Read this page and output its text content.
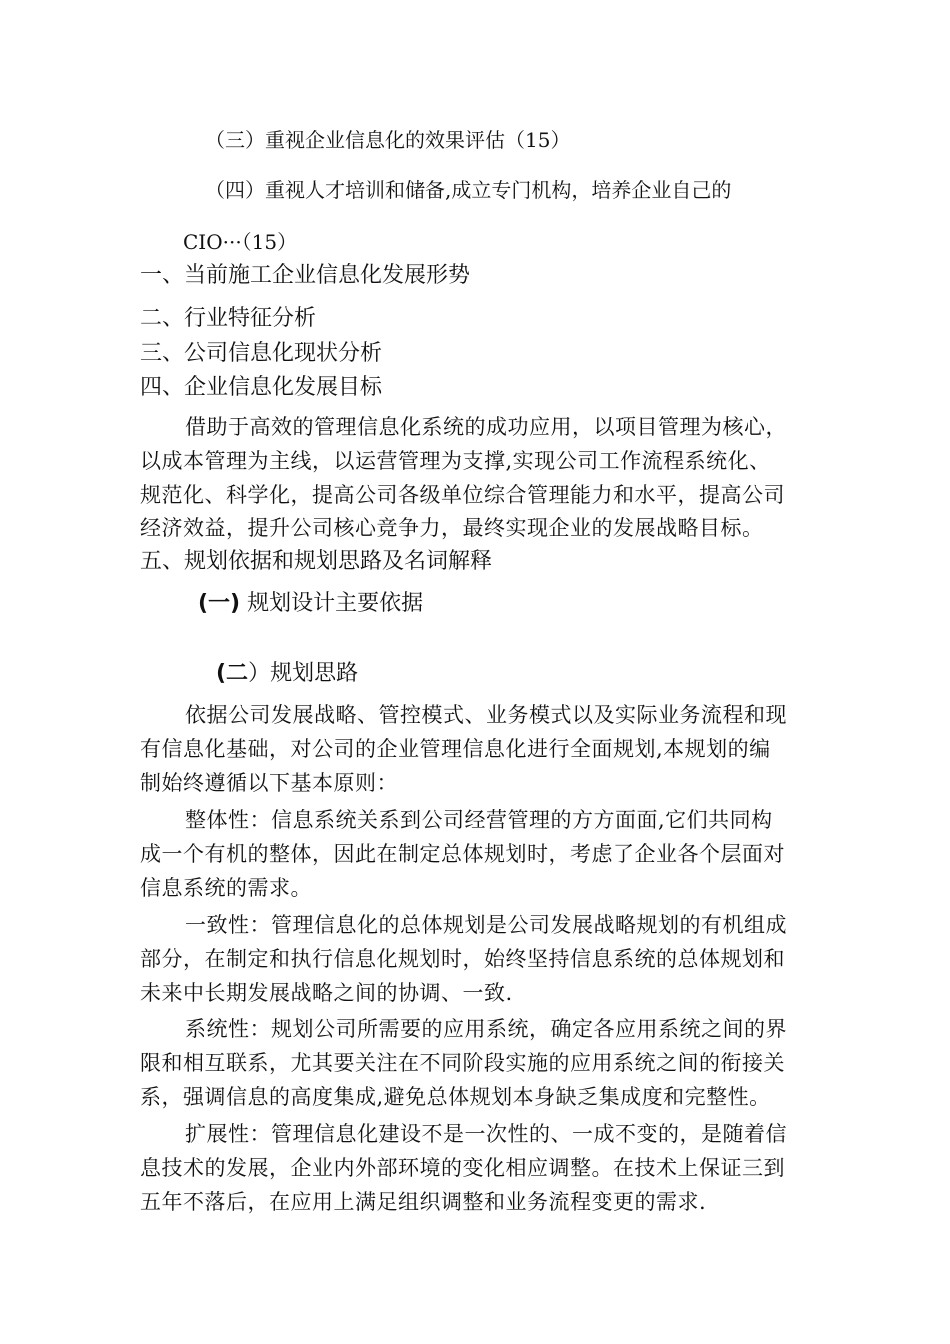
（三）重视企业信息化的效果评估（15）
（四）重视人才培训和储备,成立专门机构，培养企业自己的
CIO···（15）
一、当前施工企业信息化发展形势
二、行业特征分析
三、公司信息化现状分析
四、企业信息化发展目标
借助于高效的管理信息化系统的成功应用，以项目管理为核心，
以成本管理为主线，以运营管理为支撑,实现公司工作流程系统化、
规范化、科学化，提高公司各级单位综合管理能力和水平，提高公司
经济效益，提升公司核心竞争力，最终实现企业的发展战略目标。
五、规划依据和规划思路及名词解释
(一) 规划设计主要依据
(二）规划思路
依据公司发展战略、管控模式、业务模式以及实际业务流程和现
有信息化基础，对公司的企业管理信息化进行全面规划,本规划的编
制始终遵循以下基本原则：
整体性：信息系统关系到公司经营管理的方方面面,它们共同构
成一个有机的整体，因此在制定总体规划时，考虑了企业各个层面对
信息系统的需求。
一致性：管理信息化的总体规划是公司发展战略规划的有机组成
部分，在制定和执行信息化规划时，始终坚持信息系统的总体规划和
未来中长期发展战略之间的协调、一致.
系统性：规划公司所需要的应用系统，确定各应用系统之间的界
限和相互联系，尤其要关注在不同阶段实施的应用系统之间的衔接关
系，强调信息的高度集成,避免总体规划本身缺乏集成度和完整性。
扩展性：管理信息化建设不是一次性的、一成不变的，是随着信
息技术的发展，企业内外部环境的变化相应调整。在技术上保证三到
五年不落后，在应用上满足组织调整和业务流程变更的需求.
